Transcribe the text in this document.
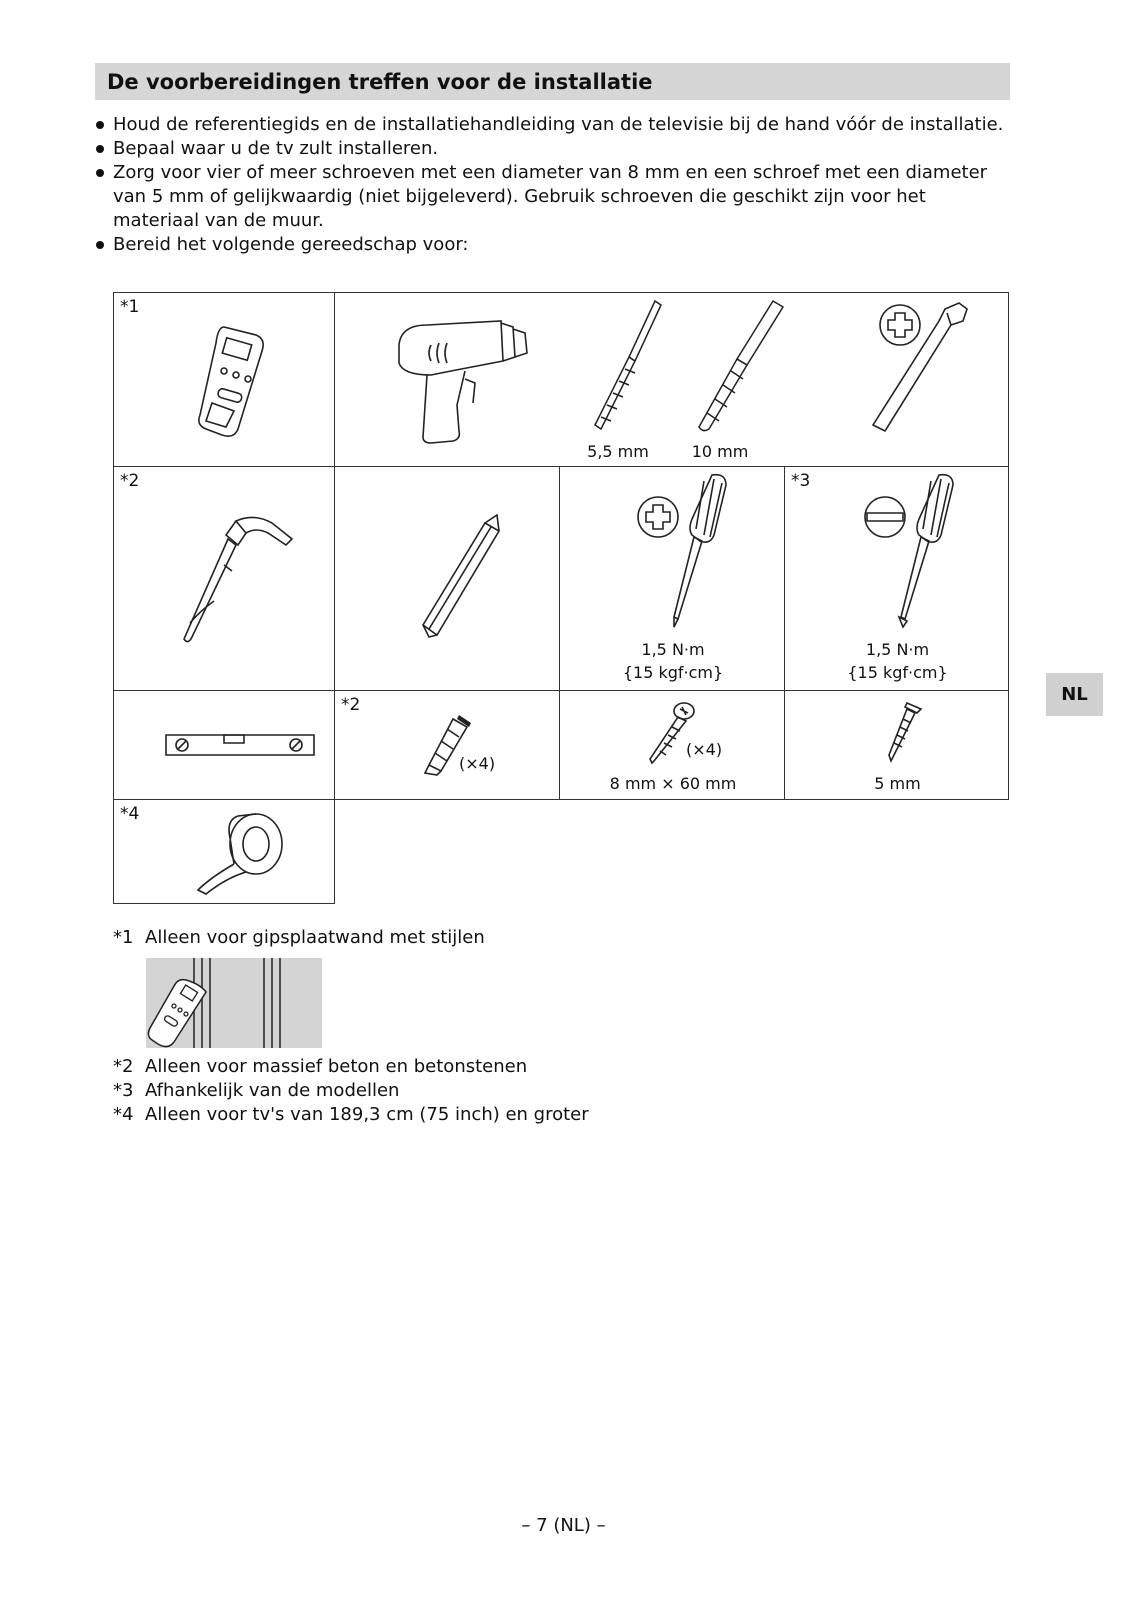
De voorbereidingen treffen voor de installatie
Houd de referentiegids en de installatiehandleiding van de televisie bij de hand vóór de installatie.
Bepaal waar u de tv zult installeren.
Zorg voor vier of meer schroeven met een diameter van 8 mm en een schroef met een diameter van 5 mm of gelijkwaardig (niet bijgeleverd). Gebruik schroeven die geschikt zijn voor het materiaal van de muur.
Bereid het volgende gereedschap voor:
*1
5,5 mm	10 mm
*2
1,5 N·m
{15 kgf·cm}
*3
1,5 N·m
{15 kgf·cm}
*2
(×4)
(×4)
8 mm × 60 mm	5 mm
*4
*1 Alleen voor gipsplaatwand met stijlen
*2 Alleen voor massief beton en betonstenen
*3 Afhankelijk van de modellen
*4 Alleen voor tv's van 189,3 cm (75 inch) en groter
NL
– 7 (NL) –
